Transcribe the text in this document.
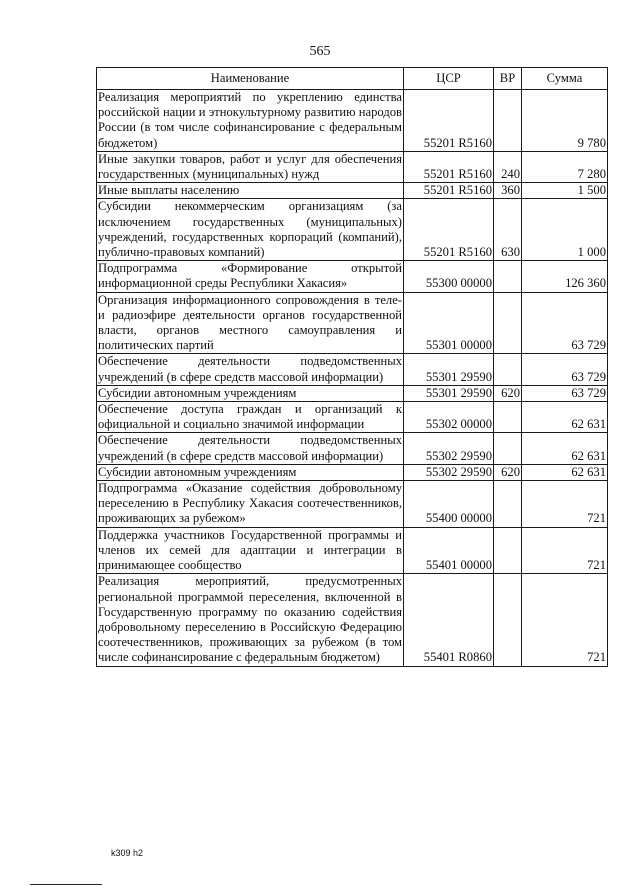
565
Наименование	ЦСР	ВР	Сумма
Реализация мероприятий по укреплению единства российской нации и этнокультурному развитию народов России (в том числе софинансирование с федеральным бюджетом)	55201 R5160		9 780
Иные закупки товаров, работ и услуг для обеспечения государственных (муниципальных) нужд	55201 R5160	240	7 280
Иные выплаты населению	55201 R5160	360	1 500
Субсидии некоммерческим организациям (за исключением государственных (муниципальных) учреждений, государственных корпораций (компаний), публично-правовых компаний)	55201 R5160	630	1 000
Подпрограмма «Формирование открытой информационной среды Республики Хакасия»	55300 00000		126 360
Организация информационного сопровождения в теле- и радиоэфире деятельности органов государственной власти, органов местного самоуправления и политических партий	55301 00000		63 729
Обеспечение деятельности подведомственных учреждений (в сфере средств массовой информации)	55301 29590		63 729
Субсидии автономным учреждениям	55301 29590	620	63 729
Обеспечение доступа граждан и организаций к официальной и социально значимой информации	55302 00000		62 631
Обеспечение деятельности подведомственных учреждений (в сфере средств массовой информации)	55302 29590		62 631
Субсидии автономным учреждениям	55302 29590	620	62 631
Подпрограмма «Оказание содействия добровольному переселению в Республику Хакасия соотечественников, проживающих за рубежом»	55400 00000		721
Поддержка участников Государственной программы и членов их семей для адаптации и интеграции в принимающее сообщество	55401 00000		721
Реализация мероприятий, предусмотренных региональной программой переселения, включенной в Государственную программу по оказанию содействия добровольному переселению в Российскую Федерацию соотечественников, проживающих за рубежом (в том числе софинансирование с федеральным бюджетом)	55401 R0860		721
k309 h2
